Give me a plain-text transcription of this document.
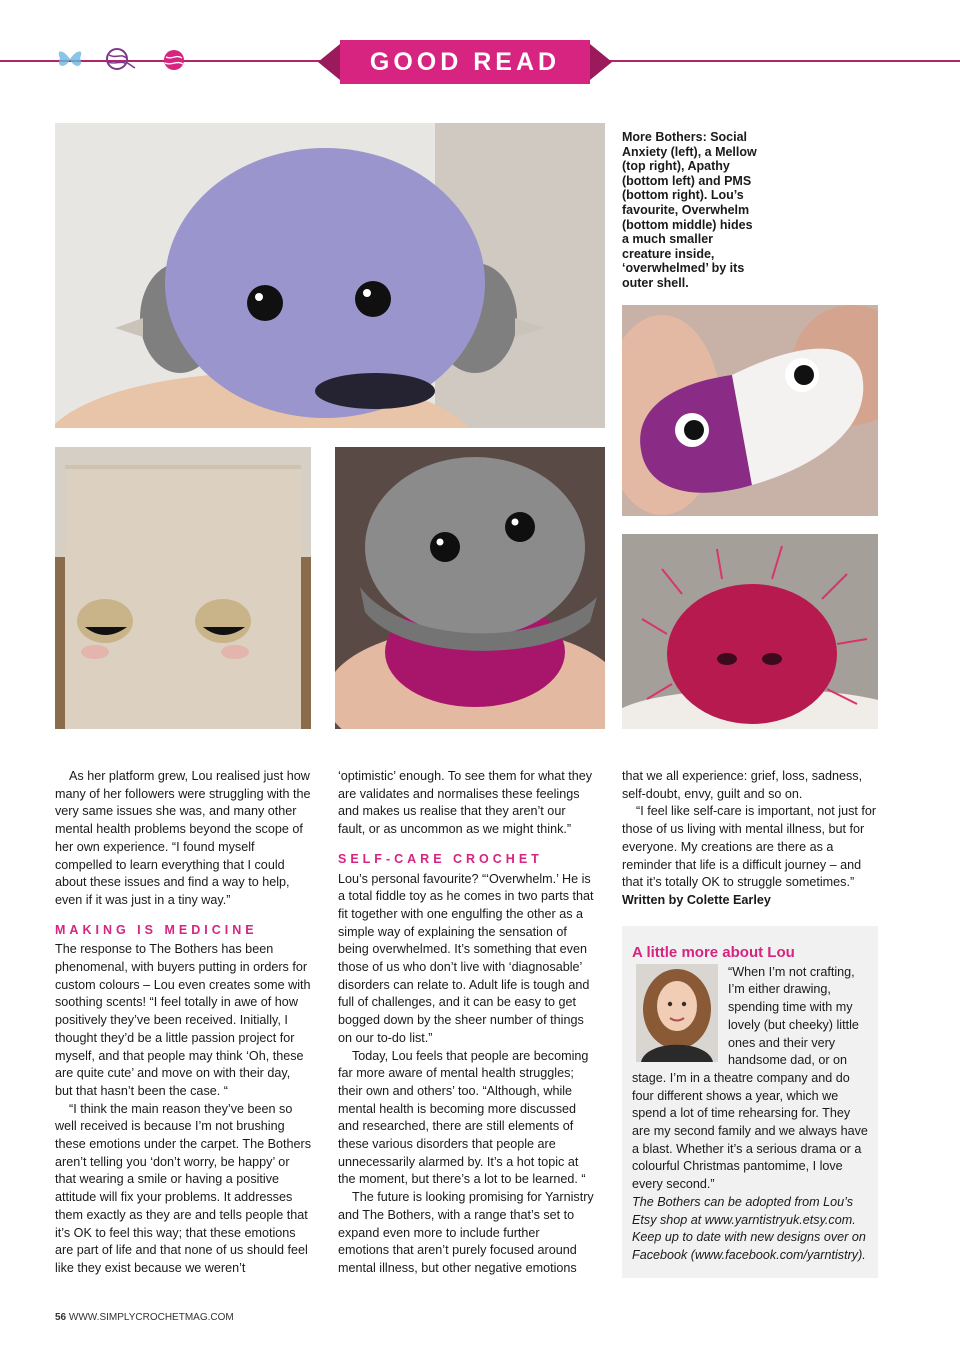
GOOD READ
More Bothers: Social Anxiety (left), a Mellow (top right), Apathy (bottom left) and PMS (bottom right). Lou’s favourite, Overwhelm (bottom middle) hides a much smaller creature inside, ‘overwhelmed’ by its outer shell.

As her platform grew, Lou realised just how many of her followers were struggling with the very same issues she was, and many other mental health problems beyond the scope of her own experience. “I found myself compelled to learn everything that I could about these issues and find a way to help, even if it was just in a tiny way.”

MAKING IS MEDICINE

The response to The Bothers has been phenomenal, with buyers putting in orders for custom colours – Lou even creates some with soothing scents! “I feel totally in awe of how positively they’ve been received. Initially, I thought they’d be a little passion project for myself, and that people may think ‘Oh, these are quite cute’ and move on with their day, but that hasn’t been the case. “

“I think the main reason they’ve been so well received is because I’m not brushing these emotions under the carpet. The Bothers aren’t telling you ‘don’t worry, be happy’ or that wearing a smile or having a positive attitude will fix your problems. It addresses them exactly as they are and tells people that it’s OK to feel this way; that these emotions are part of life and that none of us should feel like they exist because we weren’t

‘optimistic’ enough. To see them for what they are validates and normalises these feelings and makes us realise that they aren’t our fault, or as uncommon as we might think.”

SELF-CARE CROCHET

Lou’s personal favourite? “‘Overwhelm.’ He is a total fiddle toy as he comes in two parts that fit together with one engulfing the other as a simple way of explaining the sensation of being overwhelmed. It’s something that even those of us who don’t live with ‘diagnosable’ disorders can relate to. Adult life is tough and full of challenges, and it can be easy to get bogged down by the sheer number of things on our to-do list.”

Today, Lou feels that people are becoming far more aware of mental health struggles; their own and others’ too. “Although, while mental health is becoming more discussed and researched, there are still elements of these various disorders that people are unnecessarily alarmed by. It’s a hot topic at the moment, but there’s a lot to be learned. “

The future is looking promising for Yarnistry and The Bothers, with a range that’s set to expand even more to include further emotions that aren’t purely focused around mental illness, but other negative emotions

that we all experience: grief, loss, sadness, self-doubt, envy, guilt and so on.

“I feel like self-care is important, not just for those of us living with mental illness, but for everyone. My creations are there as a reminder that life is a difficult journey – and that it’s totally OK to struggle sometimes.”

Written by Colette Earley

A little more about Lou

“When I’m not crafting, I’m either drawing, spending time with my lovely (but cheeky) little ones and their very handsome dad, or on stage. I’m in a theatre company and do four different shows a year, which we spend a lot of time rehearsing for. They are my second family and we always have a blast. Whether it’s a serious drama or a colourful Christmas pantomime, I love every second.”

The Bothers can be adopted from Lou’s Etsy shop at www.yarntistryuk.etsy.com. Keep up to date with new designs over on Facebook (www.facebook.com/yarntistry).

56 WWW.SIMPLYCROCHETMAG.COM
